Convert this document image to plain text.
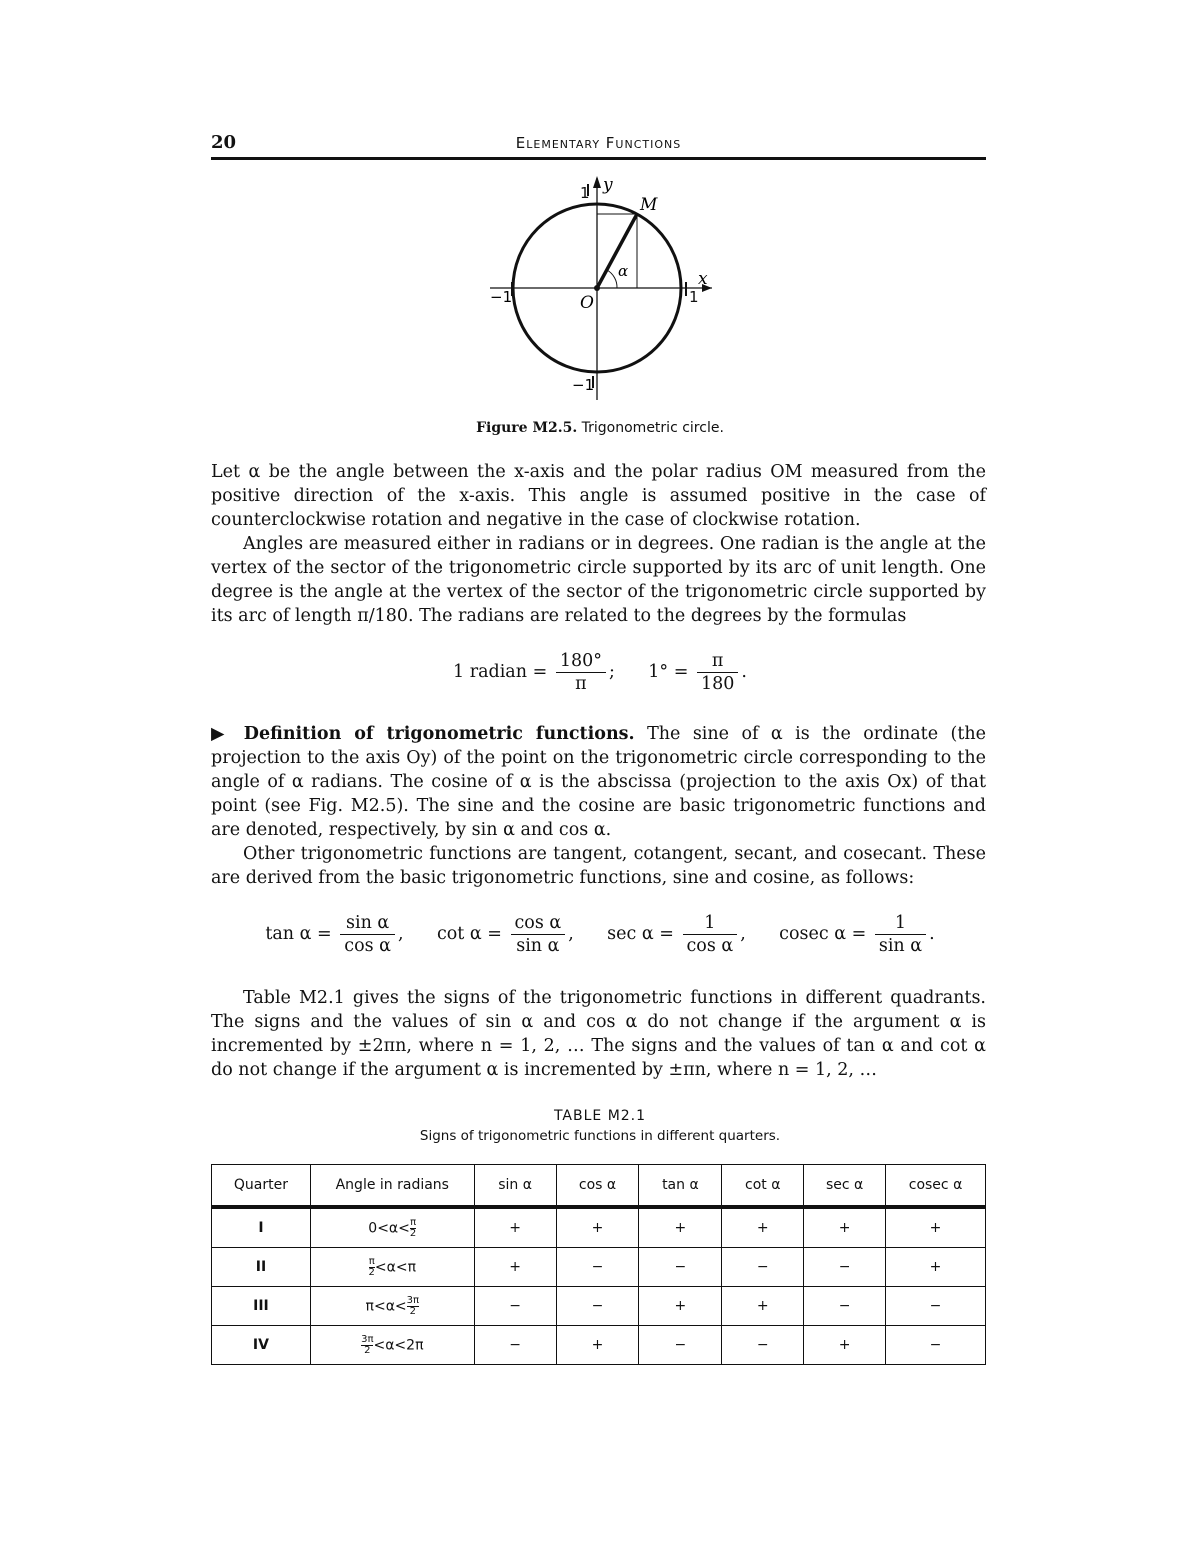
20	Elementary Functions
y
M
α	x
O
−1
−1
1
1
Figure M2.5. Trigonometric circle.

Let α be the angle between the x-axis and the polar radius OM measured from the positive direction of the x-axis. This angle is assumed positive in the case of counterclockwise rotation and negative in the case of clockwise rotation.

Angles are measured either in radians or in degrees. One radian is the angle at the vertex of the sector of the trigonometric circle supported by its arc of unit length. One degree is the angle at the vertex of the sector of the trigonometric circle supported by its arc of length π/180. The radians are related to the degrees by the formulas

1 radian = $\frac{180^\circ}{\pi}$ ; $1^\circ = \frac{\pi}{180}$ .

▶ Definition of trigonometric functions. The sine of α is the ordinate (the projection to the axis Oy) of the point on the trigonometric circle corresponding to the angle of α radians. The cosine of α is the abscissa (projection to the axis Ox) of that point (see Fig. M2.5). The sine and the cosine are basic trigonometric functions and are denoted, respectively, by sin α and cos α.

Other trigonometric functions are tangent, cotangent, secant, and cosecant. These are derived from the basic trigonometric functions, sine and cosine, as follows:

$\tan \alpha = \frac{\text{sin α}}{\text{cos α}}$ , $\cot \alpha = \frac{\text{cos α}}{\text{sin α}}$ , $\sec \alpha = \frac{1}{\text{cos α}}$ , cosec $\alpha = \frac{1}{\text{sin α}}$ .

Table M2.1 gives the signs of the trigonometric functions in different quadrants. The signs and the values of sin α and cos α do not change if the argument α is incremented by ±2πn, where n = 1, 2, … The signs and the values of tan α and cot α do not change if the argument α is incremented by ±πn, where n = 1, 2, …

TABLE M2.1
Signs of trigonometric functions in different quarters.
Quarter	Angle in radians	sin α	cos α	tan α	cot α	sec α	cosec α
I	$0<\alpha< \frac{\pi}{2}$	+	+	+	+	+	+
II	$\frac{\pi}{2} <\alpha<\pi$	+	−	−	−	−	+
III	$\pi<\alpha< \frac{3\pi}{2}$	−	−	+	+	−	−
IV	$\frac{3\pi}{2} <\alpha<2\pi$	−	+	−	−	+	−
